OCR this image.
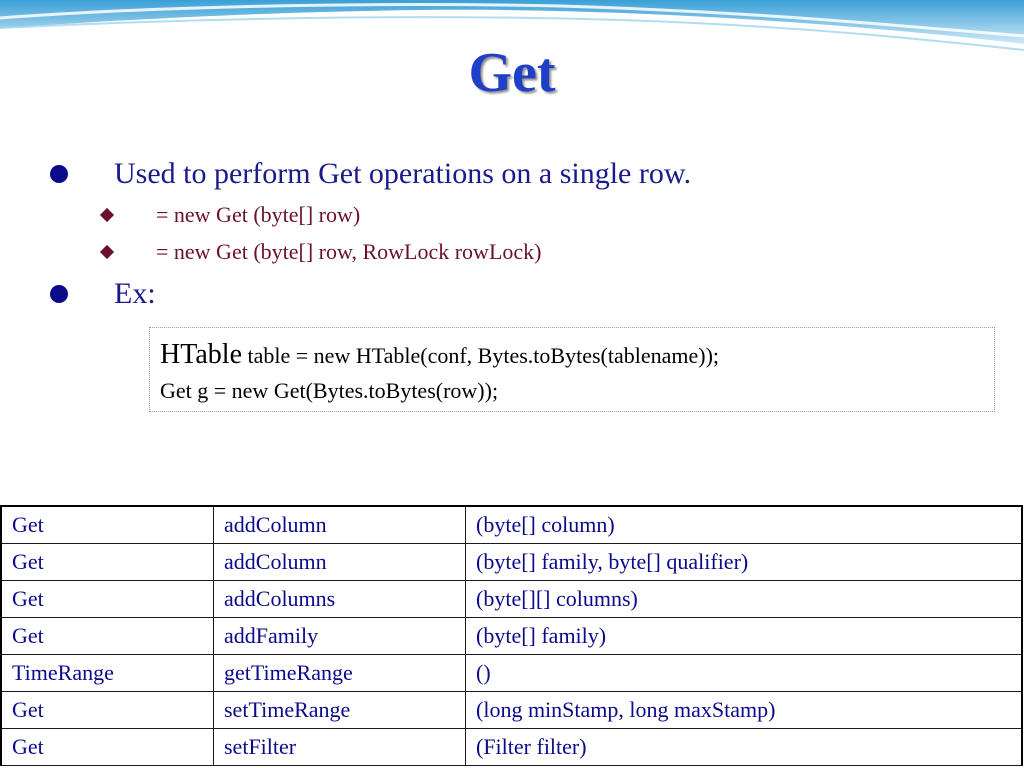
Get
Used to perform Get operations on a single row.
= new Get (byte[] row)
= new Get (byte[] row, RowLock rowLock)
Ex:
HTable table = new HTable(conf, Bytes.toBytes(tablename));
Get g = new Get(Bytes.toBytes(row));
Get	addColumn	(byte[] column)
Get	addColumn	(byte[] family, byte[] qualifier)
Get	addColumns	(byte[][] columns)
Get	addFamily	(byte[] family)
TimeRange	getTimeRange	()
Get	setTimeRange	(long minStamp, long maxStamp)
Get	setFilter	(Filter filter)
